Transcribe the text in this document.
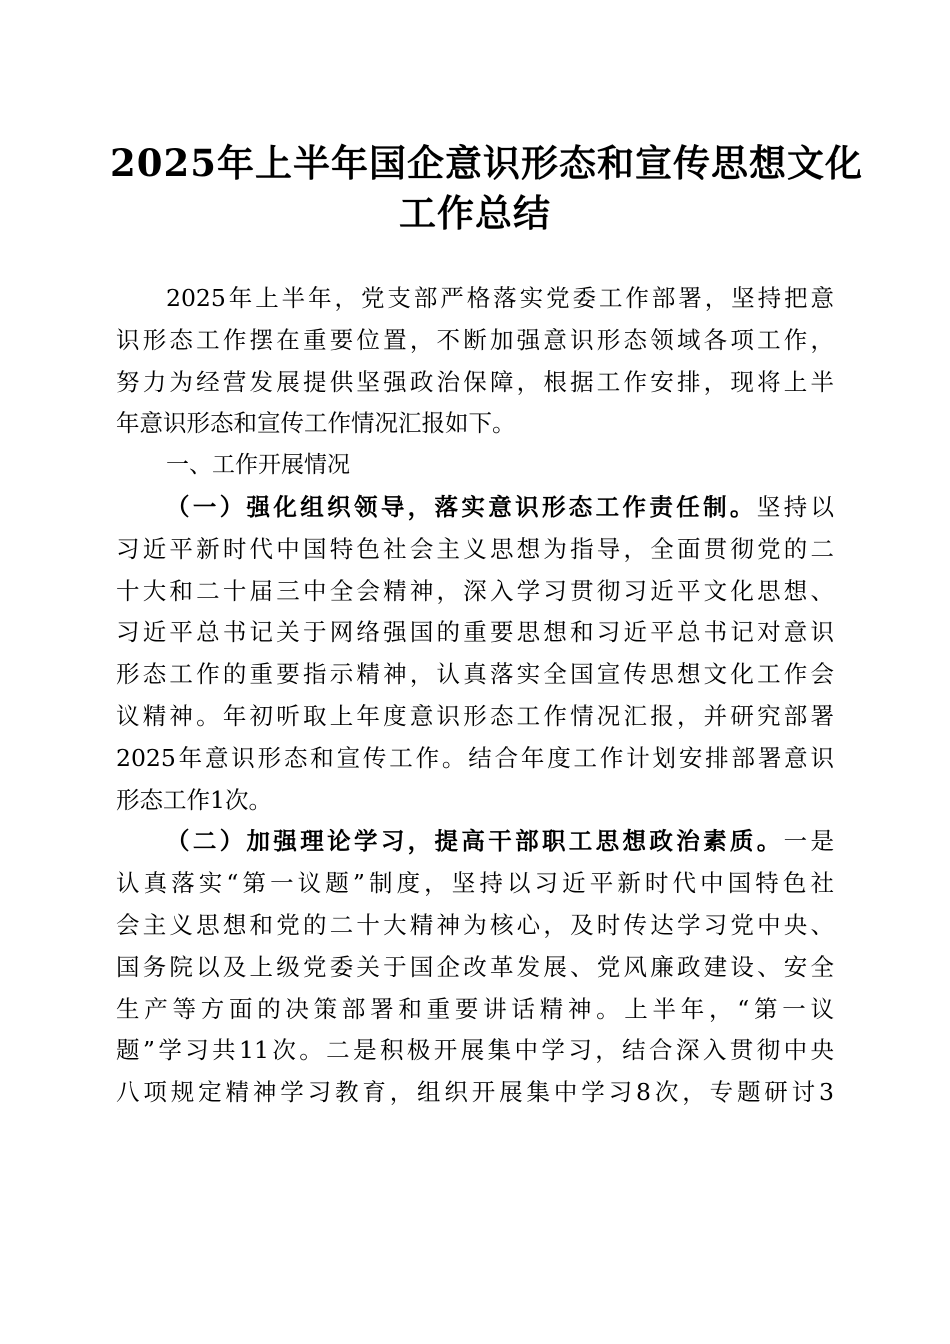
2025年上半年国企意识形态和宣传思想文化
工作总结
2025年上半年，党支部严格落实党委工作部署，坚持把意
识形态工作摆在重要位置，不断加强意识形态领域各项工作，
努力为经营发展提供坚强政治保障，根据工作安排，现将上半
年意识形态和宣传工作情况汇报如下。
一、工作开展情况
（一）强化组织领导，落实意识形态工作责任制。坚持以
习近平新时代中国特色社会主义思想为指导，全面贯彻党的二
十大和二十届三中全会精神，深入学习贯彻习近平文化思想、
习近平总书记关于网络强国的重要思想和习近平总书记对意识
形态工作的重要指示精神，认真落实全国宣传思想文化工作会
议精神。年初听取上年度意识形态工作情况汇报，并研究部署
2025年意识形态和宣传工作。结合年度工作计划安排部署意识
形态工作1次。
（二）加强理论学习，提高干部职工思想政治素质。一是
认真落实“第一议题”制度，坚持以习近平新时代中国特色社
会主义思想和党的二十大精神为核心，及时传达学习党中央、
国务院以及上级党委关于国企改革发展、党风廉政建设、安全
生产等方面的决策部署和重要讲话精神。上半年，“第一议
题”学习共11次。二是积极开展集中学习，结合深入贯彻中央
八项规定精神学习教育，组织开展集中学习8次，专题研讨3
